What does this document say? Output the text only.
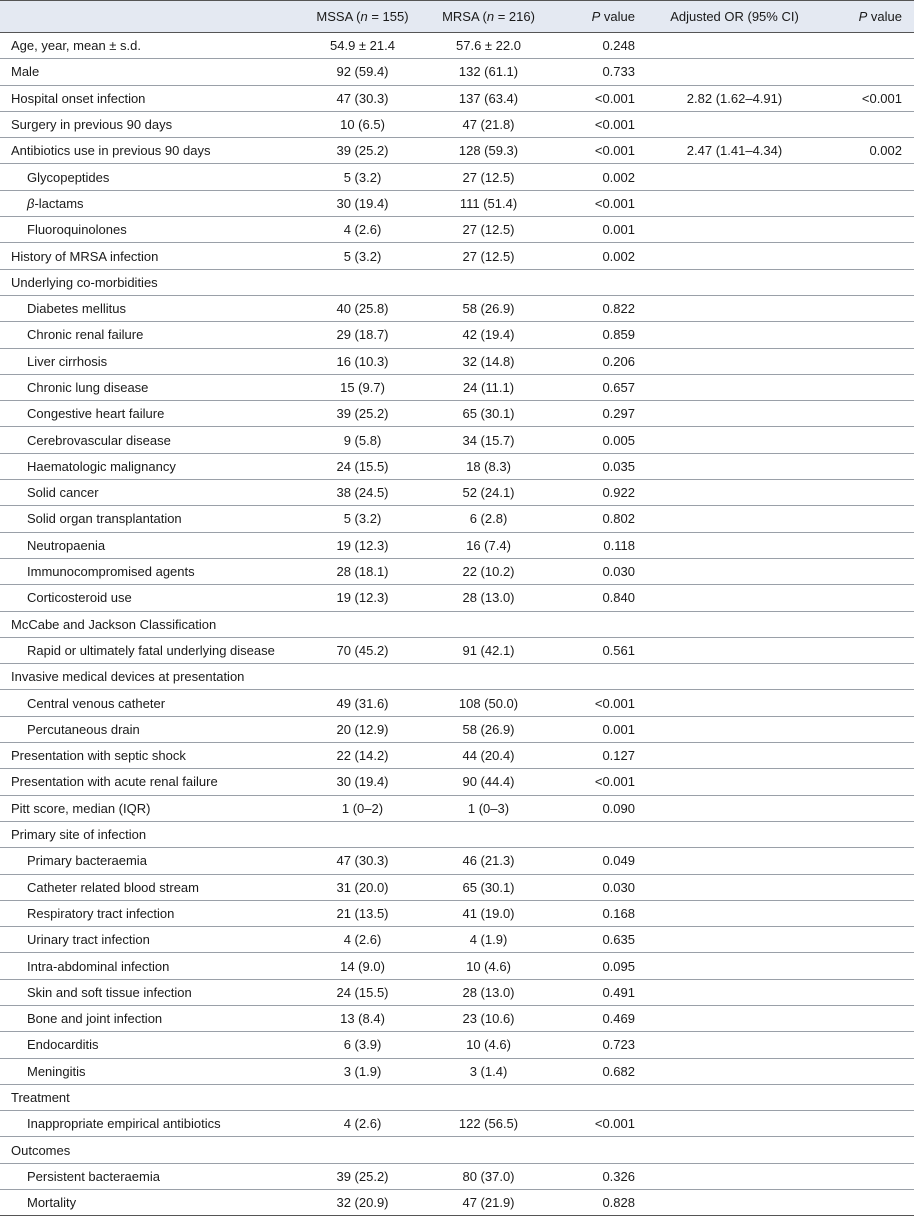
	MSSA (n = 155)	MRSA (n = 216)	P value	Adjusted OR (95% CI)	P value
Age, year, mean ± s.d.	54.9 ± 21.4	57.6 ± 22.0	0.248		
Male	92 (59.4)	132 (61.1)	0.733		
Hospital onset infection	47 (30.3)	137 (63.4)	<0.001	2.82 (1.62–4.91)	<0.001
Surgery in previous 90 days	10 (6.5)	47 (21.8)	<0.001		
Antibiotics use in previous 90 days	39 (25.2)	128 (59.3)	<0.001	2.47 (1.41–4.34)	0.002
Glycopeptides	5 (3.2)	27 (12.5)	0.002		
β-lactams	30 (19.4)	111 (51.4)	<0.001		
Fluoroquinolones	4 (2.6)	27 (12.5)	0.001		
History of MRSA infection	5 (3.2)	27 (12.5)	0.002		
Underlying co-morbidities					
Diabetes mellitus	40 (25.8)	58 (26.9)	0.822		
Chronic renal failure	29 (18.7)	42 (19.4)	0.859		
Liver cirrhosis	16 (10.3)	32 (14.8)	0.206		
Chronic lung disease	15 (9.7)	24 (11.1)	0.657		
Congestive heart failure	39 (25.2)	65 (30.1)	0.297		
Cerebrovascular disease	9 (5.8)	34 (15.7)	0.005		
Haematologic malignancy	24 (15.5)	18 (8.3)	0.035		
Solid cancer	38 (24.5)	52 (24.1)	0.922		
Solid organ transplantation	5 (3.2)	6 (2.8)	0.802		
Neutropaenia	19 (12.3)	16 (7.4)	0.118		
Immunocompromised agents	28 (18.1)	22 (10.2)	0.030		
Corticosteroid use	19 (12.3)	28 (13.0)	0.840		
McCabe and Jackson Classification					
Rapid or ultimately fatal underlying disease	70 (45.2)	91 (42.1)	0.561		
Invasive medical devices at presentation					
Central venous catheter	49 (31.6)	108 (50.0)	<0.001		
Percutaneous drain	20 (12.9)	58 (26.9)	0.001		
Presentation with septic shock	22 (14.2)	44 (20.4)	0.127		
Presentation with acute renal failure	30 (19.4)	90 (44.4)	<0.001		
Pitt score, median (IQR)	1 (0–2)	1 (0–3)	0.090		
Primary site of infection					
Primary bacteraemia	47 (30.3)	46 (21.3)	0.049		
Catheter related blood stream	31 (20.0)	65 (30.1)	0.030		
Respiratory tract infection	21 (13.5)	41 (19.0)	0.168		
Urinary tract infection	4 (2.6)	4 (1.9)	0.635		
Intra-abdominal infection	14 (9.0)	10 (4.6)	0.095		
Skin and soft tissue infection	24 (15.5)	28 (13.0)	0.491		
Bone and joint infection	13 (8.4)	23 (10.6)	0.469		
Endocarditis	6 (3.9)	10 (4.6)	0.723		
Meningitis	3 (1.9)	3 (1.4)	0.682		
Treatment					
Inappropriate empirical antibiotics	4 (2.6)	122 (56.5)	<0.001		
Outcomes					
Persistent bacteraemia	39 (25.2)	80 (37.0)	0.326		
Mortality	32 (20.9)	47 (21.9)	0.828		
